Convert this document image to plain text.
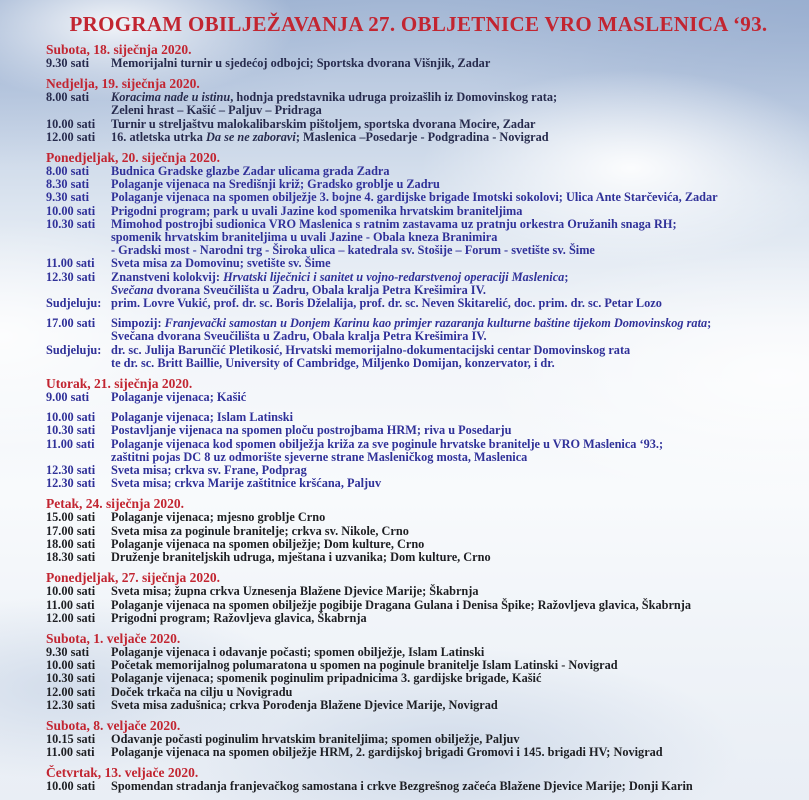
PROGRAM OBILJEŽAVANJA 27. OBLJETNICE VRO MASLENICA ‘93.
Subota, 18. siječnja 2020.
9.30 sati	Memorijalni turnir u sjedećoj odbojci; Sportska dvorana Višnjik, Zadar
Nedjelja, 19. siječnja 2020.
8.00 sati	Koracima nade u istinu, hodnja predstavnika udruga proizašlih iz Domovinskog rata;
Zeleni hrast – Kašić – Paljuv – Pridraga
10.00 sati	Turnir u streljaštvu malokalibarskim pištoljem, sportska dvorana Mocire, Zadar
12.00 sati	16. atletska utrka Da se ne zaboravi; Maslenica –Posedarje - Podgradina - Novigrad
Ponedjeljak, 20. siječnja 2020.
8.00 sati	Budnica Gradske glazbe Zadar ulicama grada Zadra
8.30 sati	Polaganje vijenaca na Središnji križ; Gradsko groblje u Zadru
9.30 sati	Polaganje vijenaca na spomen obilježje 3. bojne 4. gardijske brigade Imotski sokolovi; Ulica Ante Starčevića, Zadar
10.00 sati	Prigodni program; park u uvali Jazine kod spomenika hrvatskim braniteljima
10.30 sati	Mimohod postrojbi sudionica VRO Maslenica s ratnim zastavama uz pratnju orkestra Oružanih snaga RH;
spomenik hrvatskim braniteljima u uvali Jazine - Obala kneza Branimira
- Gradski most - Narodni trg - Široka ulica – katedrala sv. Stošije – Forum - svetište sv. Šime
11.00 sati	Sveta misa za Domovinu; svetište sv. Šime
12.30 sati	Znanstveni kolokvij: Hrvatski liječnici i sanitet u vojno-redarstvenoj operaciji Maslenica;
Svečana dvorana Sveučilišta u Zadru, Obala kralja Petra Krešimira IV.
Sudjeluju: prim. Lovre Vukić, prof. dr. sc. Boris Dželalija, prof. dr. sc. Neven Skitarelić, doc. prim. dr. sc. Petar Lozo
17.00 sati	Simpozij: Franjevački samostan u Donjem Karinu kao primjer razaranja kulturne baštine tijekom Domovinskog rata;
Svečana dvorana Sveučilišta u Zadru, Obala kralja Petra Krešimira IV.
Sudjeluju: dr. sc. Julija Barunčić Pletikosić, Hrvatski memorijalno-dokumentacijski centar Domovinskog rata
te dr. sc. Britt Baillie, University of Cambridge, Miljenko Domijan, konzervator, i dr.
Utorak, 21. siječnja 2020.
9.00 sati	Polaganje vijenaca; Kašić
10.00 sati	Polaganje vijenaca; Islam Latinski
10.30 sati	Postavljanje vijenaca na spomen ploču postrojbama HRM; riva u Posedarju
11.00 sati	Polaganje vijenaca kod spomen obilježja križa za sve poginule hrvatske branitelje u VRO Maslenica ‘93.;
zaštitni pojas DC 8 uz odmorište sjeverne strane Masleničkog mosta, Maslenica
12.30 sati	Sveta misa; crkva sv. Frane, Podprag
12.30 sati	Sveta misa; crkva Marije zaštitnice kršćana, Paljuv
Petak, 24. siječnja 2020.
15.00 sati	Polaganje vijenaca; mjesno groblje Crno
17.00 sati	Sveta misa za poginule branitelje; crkva sv. Nikole, Crno
18.00 sati	Polaganje vijenaca na spomen obilježje; Dom kulture, Crno
18.30 sati	Druženje braniteljskih udruga, mještana i uzvanika; Dom kulture, Crno
Ponedjeljak, 27. siječnja 2020.
10.00 sati	Sveta misa; župna crkva Uznesenja Blažene Djevice Marije; Škabrnja
11.00 sati	Polaganje vijenaca na spomen obilježje pogibije Dragana Gulana i Denisa Špike; Ražovljeva glavica, Škabrnja
12.00 sati	Prigodni program; Ražovljeva glavica, Škabrnja
Subota, 1. veljače 2020.
9.30 sati	Polaganje vijenaca i odavanje počasti; spomen obilježje, Islam Latinski
10.00 sati	Početak memorijalnog polumaratona u spomen na poginule branitelje Islam Latinski - Novigrad
10.30 sati	Polaganje vijenaca; spomenik poginulim pripadnicima 3. gardijske brigade, Kašić
12.00 sati	Doček trkača na cilju u Novigradu
12.30 sati	Sveta misa zadušnica; crkva Porođenja Blažene Djevice Marije, Novigrad
Subota, 8. veljače 2020.
10.15 sati	Odavanje počasti poginulim hrvatskim braniteljima; spomen obilježje, Paljuv
11.00 sati	Polaganje vijenaca na spomen obilježje HRM, 2. gardijskoj brigadi Gromovi i 145. brigadi HV; Novigrad
Četvrtak, 13. veljače 2020.
10.00 sati	Spomendan stradanja franjevačkog samostana i crkve Bezgrešnog začeća Blažene Djevice Marije; Donji Karin
